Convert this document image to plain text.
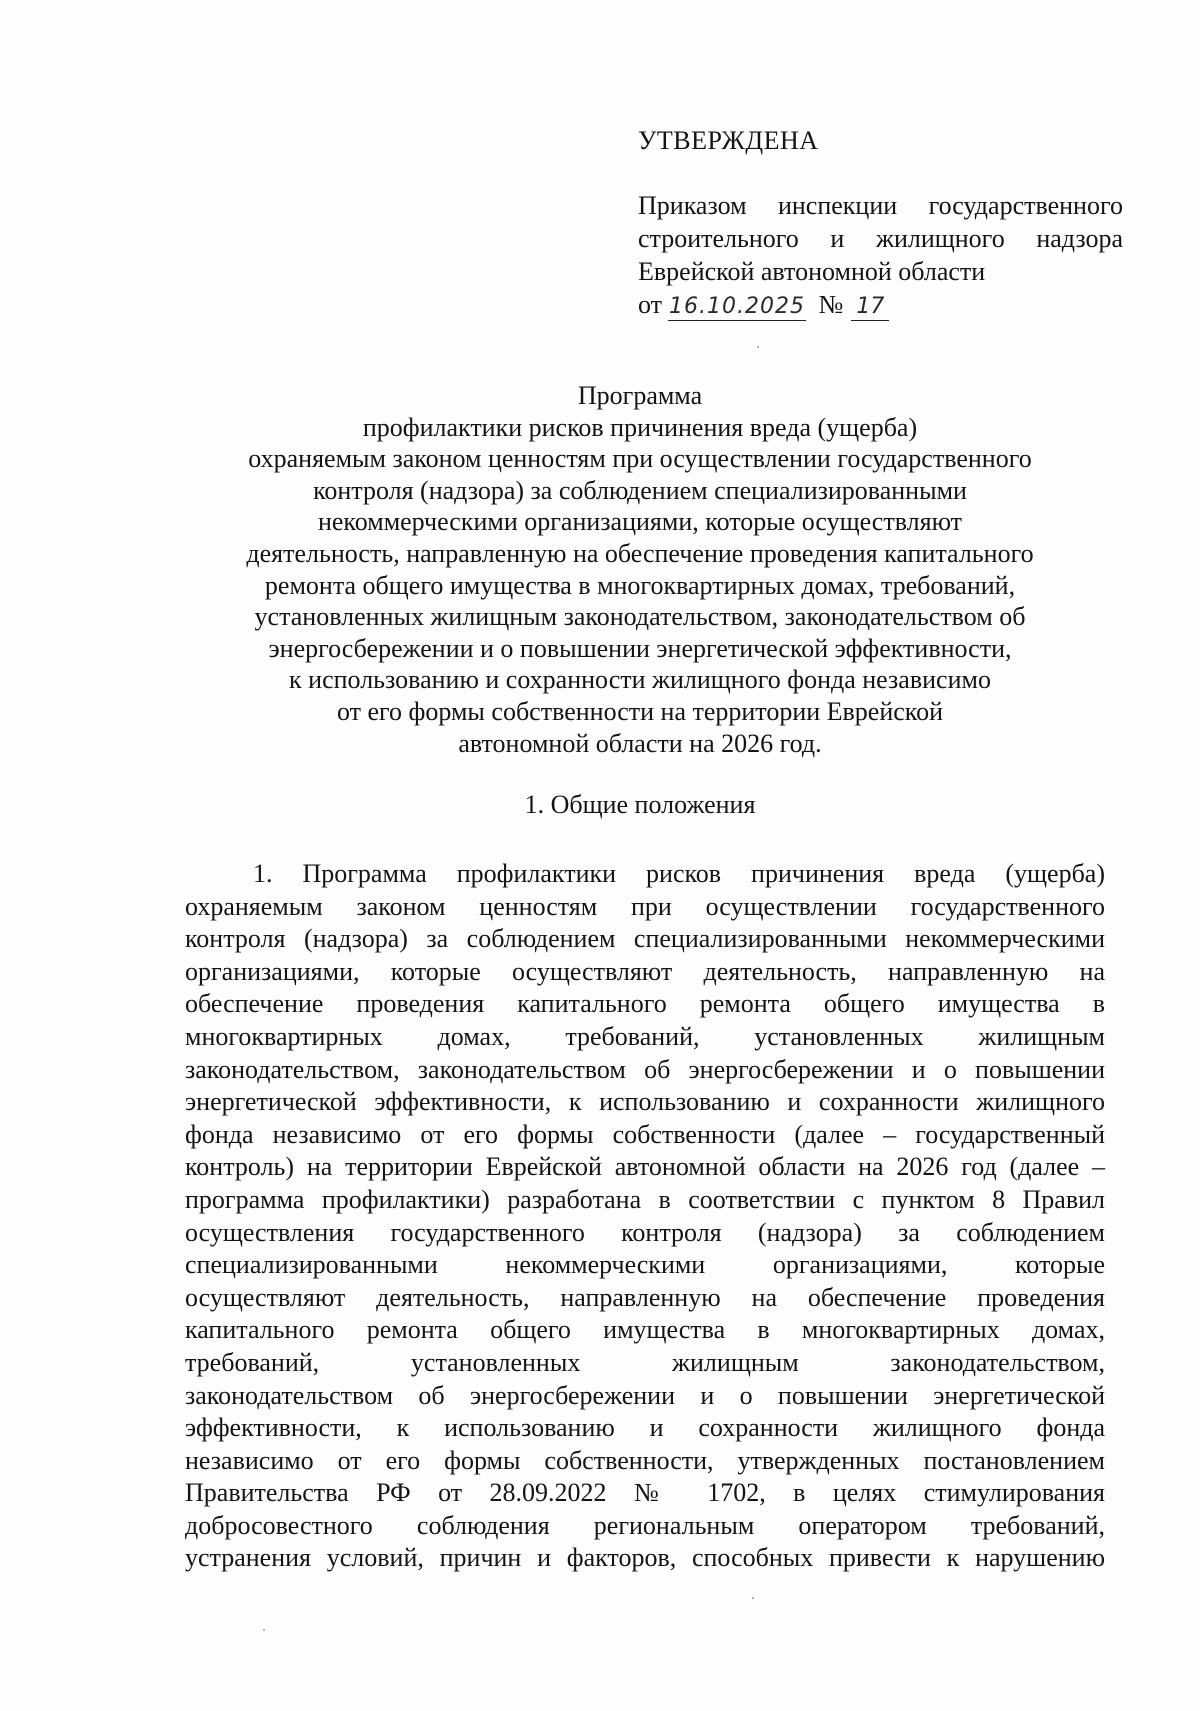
УТВЕРЖДЕНА
Приказом инспекции государственного
строительного и жилищного надзора
Еврейской автономной области
от 16.10.2025 № 17
Программа
профилактики рисков причинения вреда (ущерба)
охраняемым законом ценностям при осуществлении государственного
контроля (надзора) за соблюдением специализированными
некоммерческими организациями, которые осуществляют
деятельность, направленную на обеспечение проведения капитального
ремонта общего имущества в многоквартирных домах, требований,
установленных жилищным законодательством, законодательством об
энергосбережении и о повышении энергетической эффективности,
к использованию и сохранности жилищного фонда независимо
от его формы собственности на территории Еврейской
автономной области на 2026 год.
1. Общие положения
1. Программа профилактики рисков причинения вреда (ущерба)
охраняемым законом ценностям при осуществлении государственного
контроля (надзора) за соблюдением специализированными некоммерческими
организациями, которые осуществляют деятельность, направленную на
обеспечение проведения капитального ремонта общего имущества в
многоквартирных домах, требований, установленных жилищным
законодательством, законодательством об энергосбережении и о повышении
энергетической эффективности, к использованию и сохранности жилищного
фонда независимо от его формы собственности (далее – государственный
контроль) на территории Еврейской автономной области на 2026 год (далее –
программа профилактики) разработана в соответствии с пунктом 8 Правил
осуществления государственного контроля (надзора) за соблюдением
специализированными некоммерческими организациями, которые
осуществляют деятельность, направленную на обеспечение проведения
капитального ремонта общего имущества в многоквартирных домах,
требований, установленных жилищным законодательством,
законодательством об энергосбережении и о повышении энергетической
эффективности, к использованию и сохранности жилищного фонда
независимо от его формы собственности, утвержденных постановлением
Правительства РФ от 28.09.2022 № 1702, в целях стимулирования
добросовестного соблюдения региональным оператором требований,
устранения условий, причин и факторов, способных привести к нарушению
